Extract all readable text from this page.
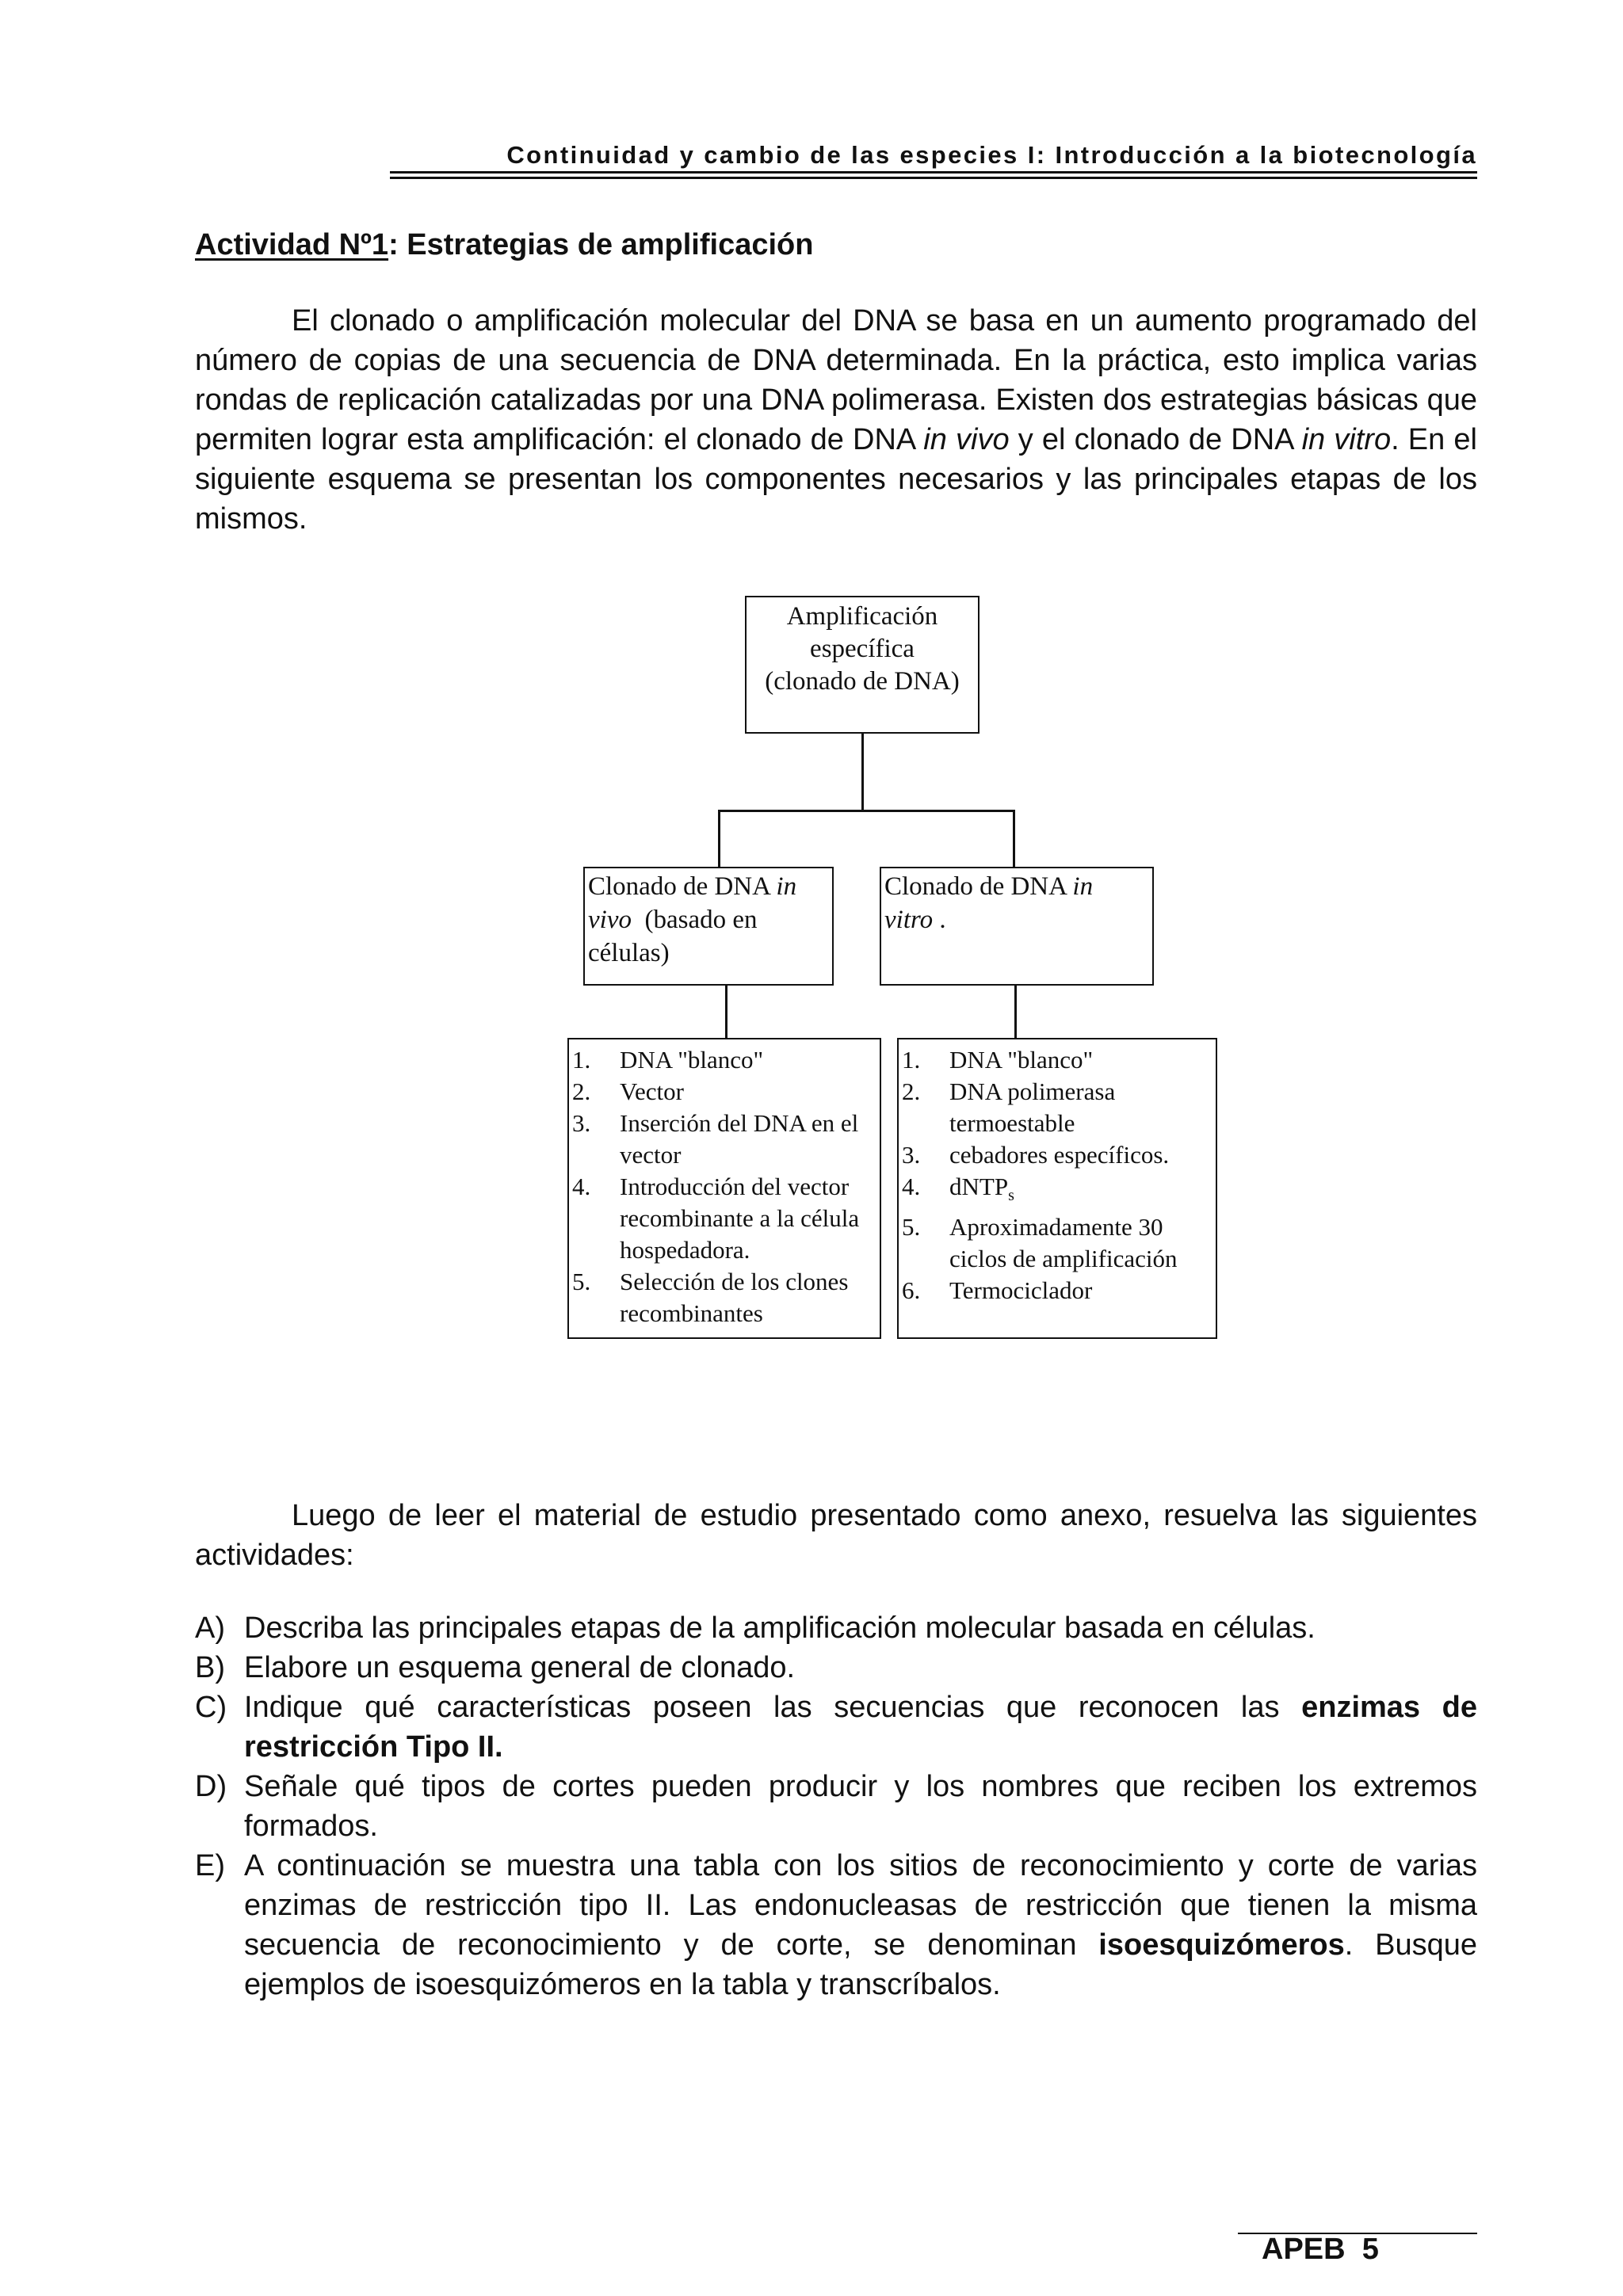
Continuidad y cambio de las especies I: Introducción a la biotecnología
Actividad Nº1: Estrategias de amplificación

El clonado o amplificación molecular del DNA se basa en un aumento programado del número de copias de una secuencia de DNA determinada. En la práctica, esto implica varias rondas de replicación catalizadas por una DNA polimerasa. Existen dos estrategias básicas que permiten lograr esta amplificación: el clonado de DNA in vivo y el clonado de DNA in vitro. En el siguiente esquema se presentan los componentes necesarios y las principales etapas de los mismos.

Amplificación
específica
(clonado de DNA)
Clonado de DNA in
vivo  (basado en
células)
Clonado de DNA in
vitro .
1. DNA "blanco"
2. Vector
3. Inserción del DNA en el vector
4. Introducción del vector recombinante a la célula hospedadora.
5. Selección de los clones recombinantes
1. DNA "blanco"
2. DNA polimerasa termoestable
3. cebadores específicos.
4. dNTP$_s$
5. Aproximadamente 30 ciclos de amplificación
6. Termociclador

Luego de leer el material de estudio presentado como anexo, resuelva las siguientes actividades:

A) Describa las principales etapas de la amplificación molecular basada en células.
B) Elabore un esquema general de clonado.
C) Indique qué características poseen las secuencias que reconocen las enzimas de restricción Tipo II.
D) Señale qué tipos de cortes pueden producir y los nombres que reciben los extremos formados.
E) A continuación se muestra una tabla con los sitios de reconocimiento y corte de varias enzimas de restricción tipo II. Las endonucleasas de restricción que tienen la misma secuencia de reconocimiento y de corte, se denominan isoesquizómeros. Busque ejemplos de isoesquizómeros en la tabla y transcríbalos.
APEB  5
